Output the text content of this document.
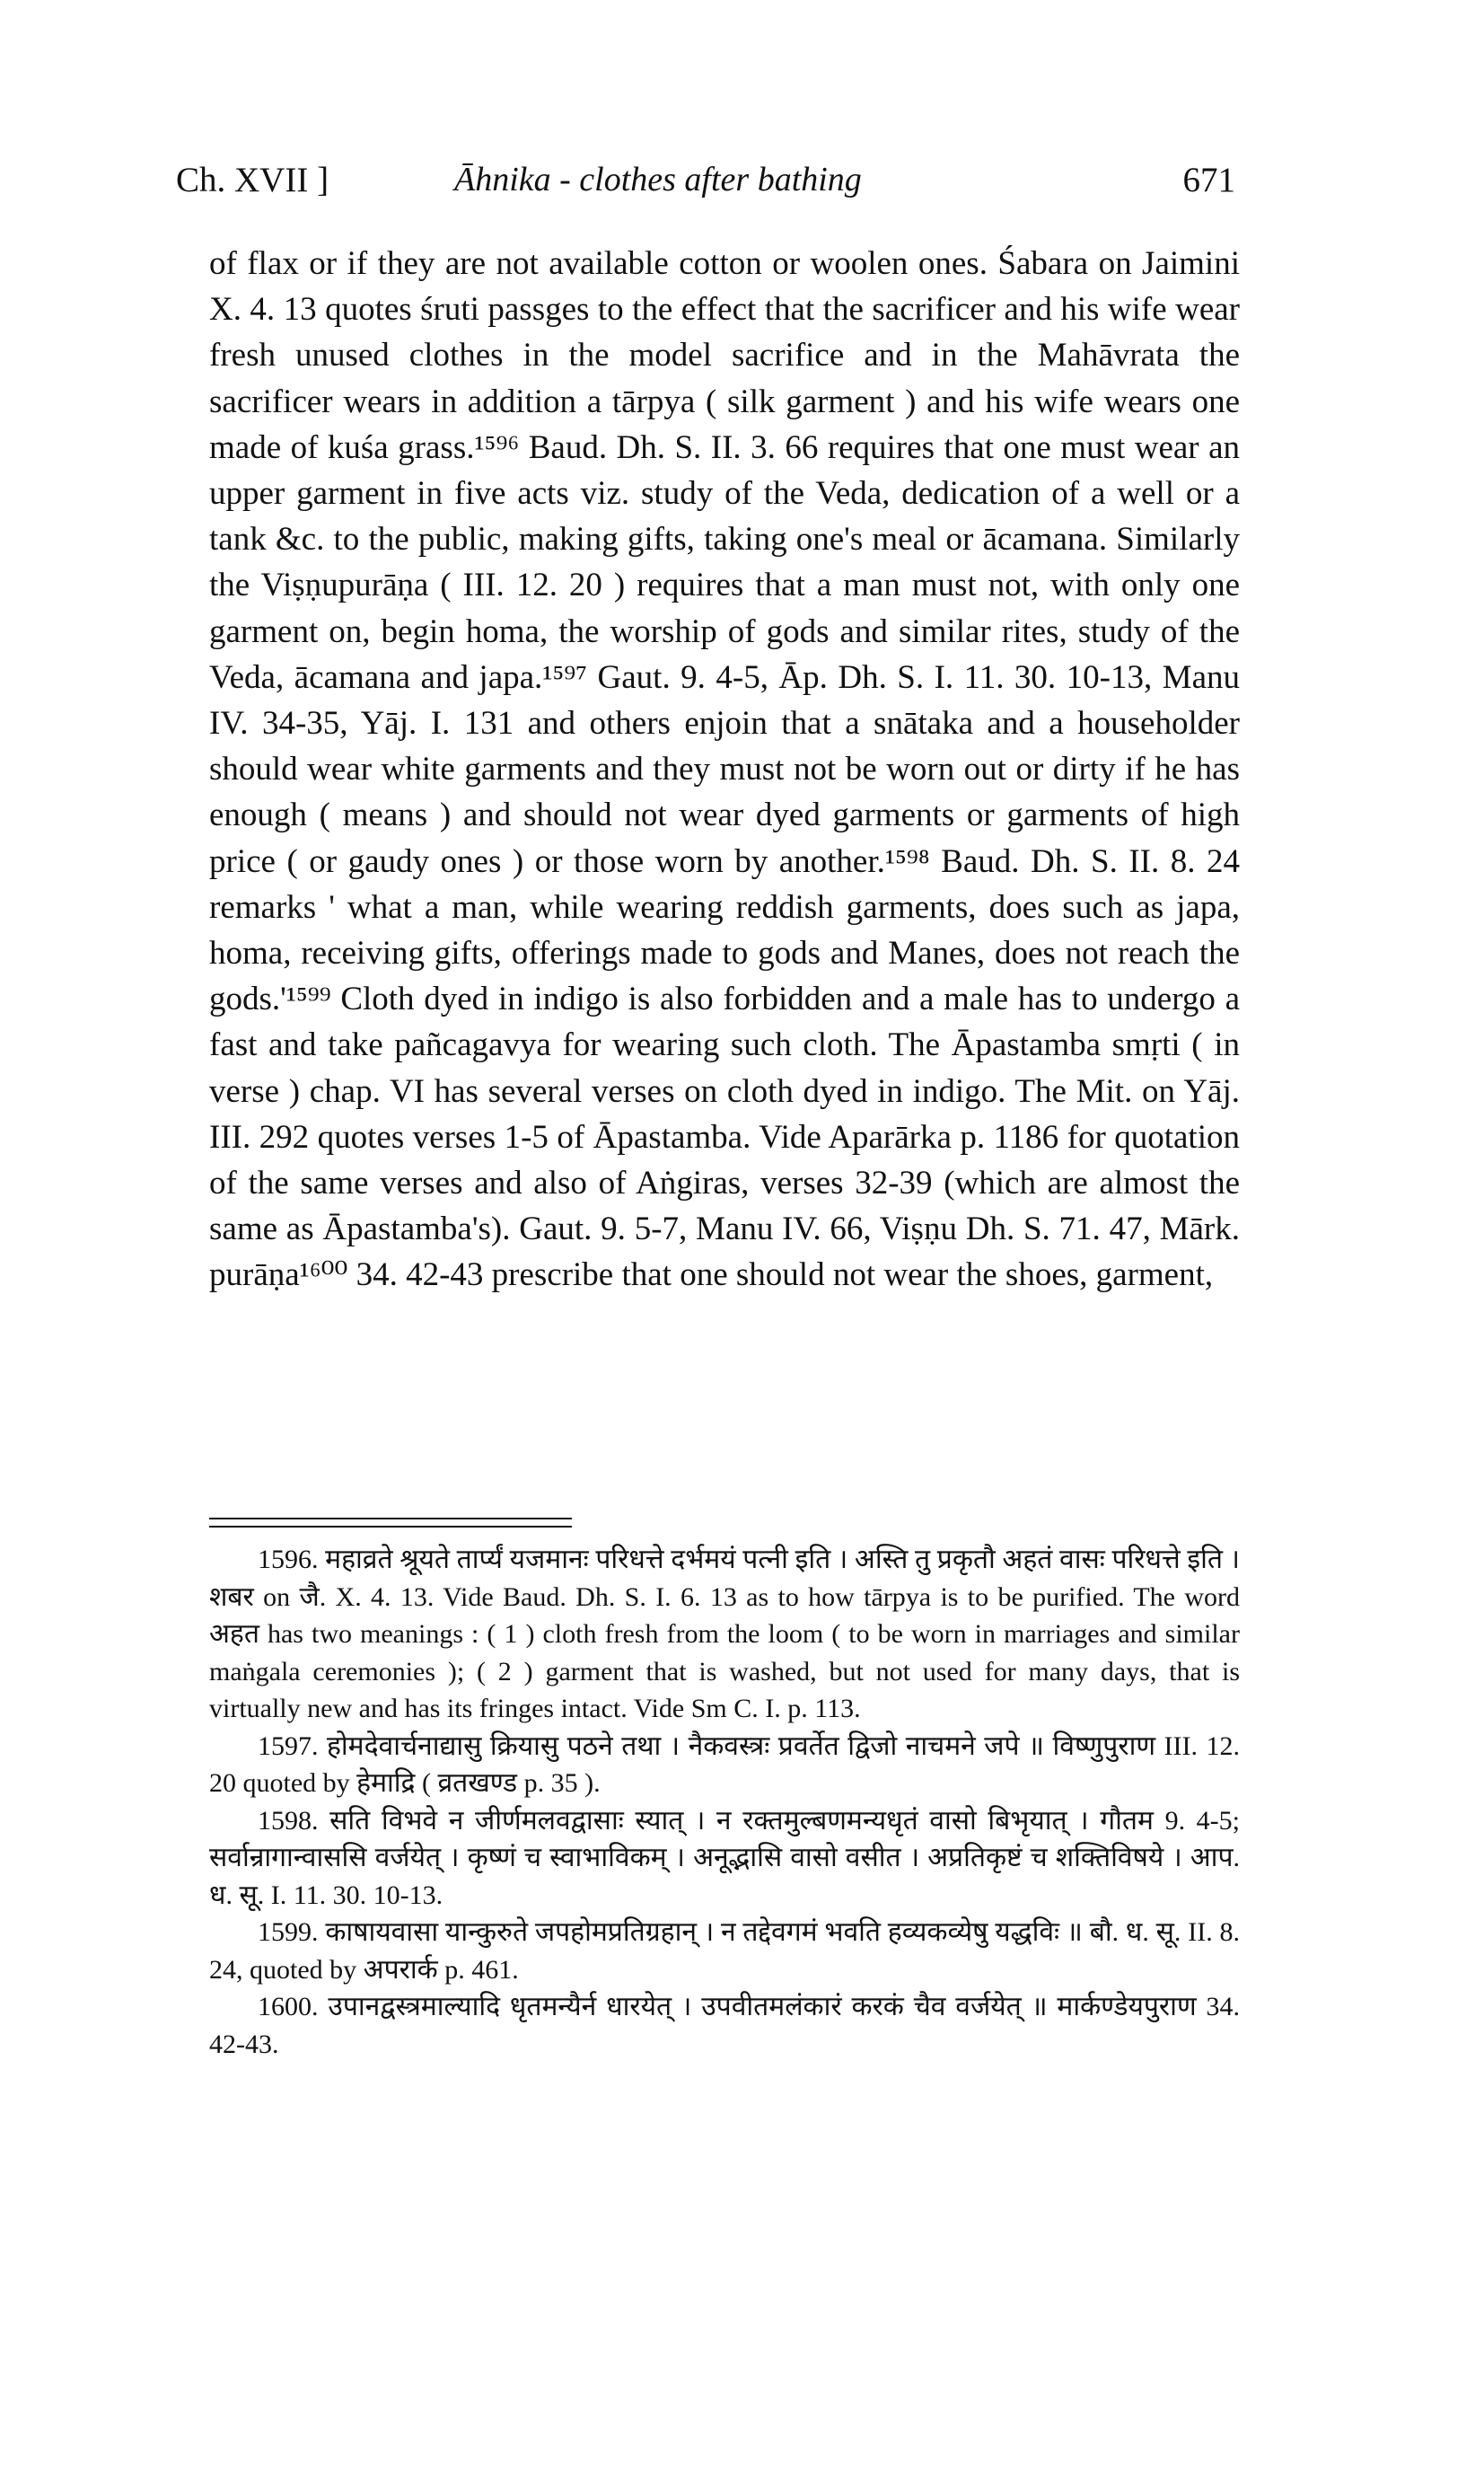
Ch. XVII ]	Āhnika - clothes after bathing	671

of flax or if they are not available cotton or woolen ones. Śabara on Jaimini X. 4. 13 quotes śruti passges to the effect that the sacrificer and his wife wear fresh unused clothes in the model sacrifice and in the Mahāvrata the sacrificer wears in addition a tārpya ( silk garment ) and his wife wears one made of kuśa grass.¹⁵⁹⁶ Baud. Dh. S. II. 3. 66 requires that one must wear an upper garment in five acts viz. study of the Veda, dedication of a well or a tank &c. to the public, making gifts, taking one's meal or ācamana. Similarly the Viṣṇupurāṇa ( III. 12. 20 ) requires that a man must not, with only one garment on, begin homa, the worship of gods and similar rites, study of the Veda, ācamana and japa.¹⁵⁹⁷ Gaut. 9. 4-5, Āp. Dh. S. I. 11. 30. 10-13, Manu IV. 34-35, Yāj. I. 131 and others enjoin that a snātaka and a householder should wear white garments and they must not be worn out or dirty if he has enough ( means ) and should not wear dyed garments or garments of high price ( or gaudy ones ) or those worn by another.¹⁵⁹⁸ Baud. Dh. S. II. 8. 24 remarks ' what a man, while wearing reddish garments, does such as japa, homa, receiving gifts, offerings made to gods and Manes, does not reach the gods.'¹⁵⁹⁹ Cloth dyed in indigo is also forbidden and a male has to undergo a fast and take pañcagavya for wearing such cloth. The Āpastamba smṛti ( in verse ) chap. VI has several verses on cloth dyed in indigo. The Mit. on Yāj. III. 292 quotes verses 1-5 of Āpastamba. Vide Aparārka p. 1186 for quotation of the same verses and also of Aṅgiras, verses 32-39 (which are almost the same as Āpastamba's). Gaut. 9. 5-7, Manu IV. 66, Viṣṇu Dh. S. 71. 47, Mārk. purāṇa¹⁶⁰⁰ 34. 42-43 prescribe that one should not wear the shoes, garment,

1596. महाव्रते श्रूयते तार्प्यं यजमानः परिधत्ते दर्भमयं पत्नी इति । अस्ति तु प्रकृतौ अहतं वासः परिधत्ते इति । शबर on जै. X. 4. 13. Vide Baud. Dh. S. I. 6. 13 as to how tārpya is to be purified. The word अहत has two meanings : ( 1 ) cloth fresh from the loom ( to be worn in marriages and similar maṅgala ceremonies ); ( 2 ) garment that is washed, but not used for many days, that is virtually new and has its fringes intact. Vide Sm C. I. p. 113.

1597. होमदेवार्चनाद्यासु क्रियासु पठने तथा । नैकवस्त्रः प्रवर्तेत द्विजो नाचमने जपे ॥ विष्णुपुराण III. 12. 20 quoted by हेमाद्रि ( व्रतखण्ड p. 35 ).

1598. सति विभवे न जीर्णमलवद्वासाः स्यात् । न रक्तमुल्बणमन्यधृतं वासो बिभृयात् । गौतम 9. 4-5; सर्वान्रागान्वाससि वर्जयेत् । कृष्णं च स्वाभाविकम् । अनूद्भासि वासो वसीत । अप्रतिकृष्टं च शक्तिविषये । आप. ध. सू. I. 11. 30. 10-13.

1599. काषायवासा यान्कुरुते जपहोमप्रतिग्रहान् । न तद्देवगमं भवति हव्यकव्येषु यद्धविः ॥ बौ. ध. सू. II. 8. 24, quoted by अपरार्क p. 461.

1600. उपानद्वस्त्रमाल्यादि धृतमन्यैर्न धारयेत् । उपवीतमलंकारं करकं चैव वर्जयेत् ॥ मार्कण्डेयपुराण 34. 42-43.
